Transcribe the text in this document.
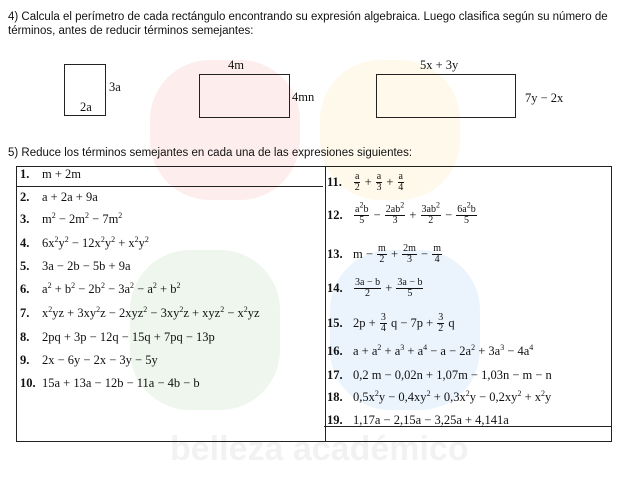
belleza académico
4) Calcula el perímetro de cada rectángulo encontrando su expresión algebraica. Luego clasifica según su número de
términos, antes de reducir términos semejantes:
3a
2a
4m
4mn
5x + 3y
7y − 2x
5) Reduce los términos semejantes en cada una de las expresiones siguientes:

1.	m + 2m
2.	a + 2a + 9a
3.	$m^2 - 2m^2 - 7m^2$
4.	$6x^2y^2 - 12x^2y^2 + x^2y^2$
5.	3a − 2b − 5b + 9a
6.	$a^2 + b^2 - 2b^2 - 3a^2 - a^2 + b^2$
7.	$x^2yz + 3xy^2z - 2xyz^2 - 3xy^2z + xyz^2 - x^2yz$
8.	2pq + 3p − 12q − 15q + 7pq − 13p
9.	2x − 6y − 2x − 3y − 5y
10. 15a + 13a − 12b − 11a − 4b − b
11.	$\frac{a}{2} + \frac{a}{3} + \frac{a}{4}$
12.	$\frac{a^2b}{5} - \frac{2ab^2}{3} + \frac{3ab^2}{2} - \frac{6a^2b}{5}$
13. $m - \frac{m}{2} + \frac{2m}{3} - \frac{m}{4}$
14.	$\frac{3a - b}{2} + \frac{3a - b}{5}$
15. $2p + \frac{3}{4}$ $q - 7p + \frac{3}{2}$ q
16. $a + a^2 + a^3 + a^4 - a - 2a^2 + 3a^3 - 4a^4$
17. 0,2 m − 0,02n + 1,07m − 1,03n − m − n
18. $0,5x^2y - 0,4xy^2 + 0,3x^2y - 0,2xy^2 + x^2y$
19. 1,17a − 2,15a − 3,25a + 4,141a
